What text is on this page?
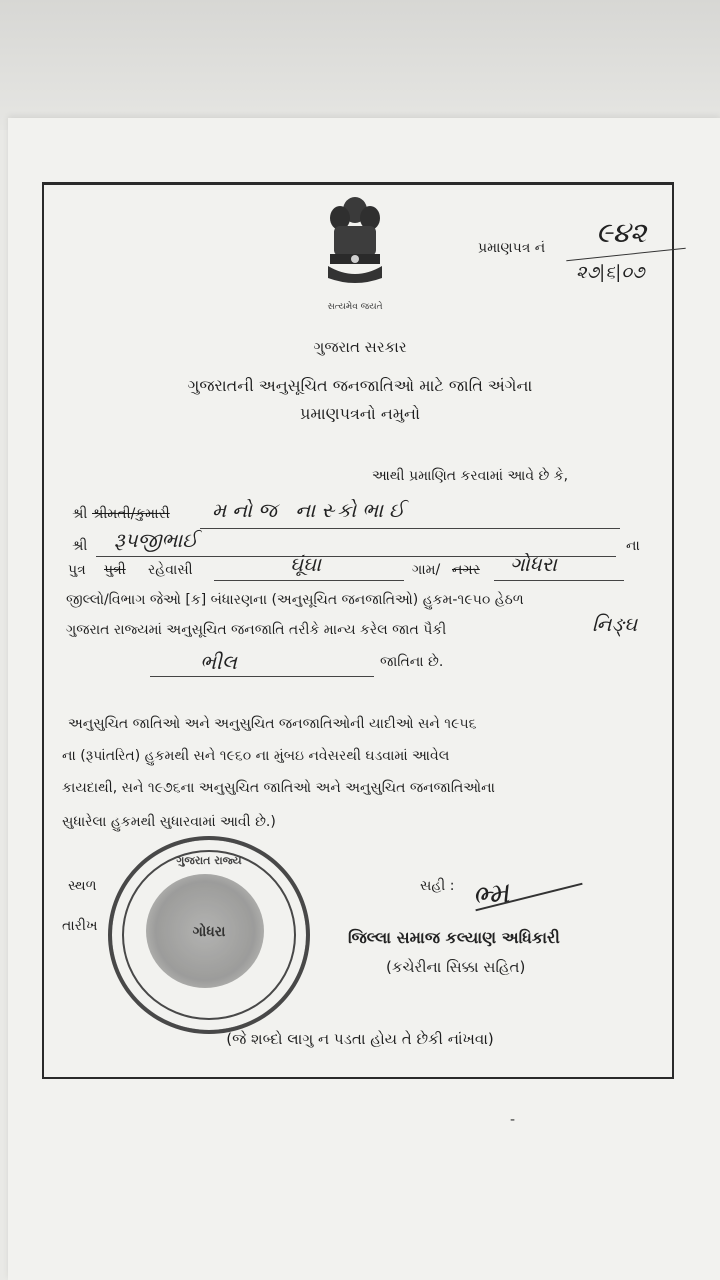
સત્યમેવ જયતે
પ્રમાણપત્ર નં ૯૪૨
૨૭|૬|૦૭
ગુજરાત સરકાર
ગુજરાતની અનુસૂચિત જનજાતિઓ માટે જાતિ અંગેના
પ્રમાણપત્રનો નમુનો
આથી પ્રમાણિત કરવામાં આવે છે કે,
શ્રી શ્રીમતી/કુમારી મનોજ નાસ્કોભાઈ
શ્રી રૂપજીભાઈ	ના
પુત્ર પુત્રી રહેવાસી	ઘૂંઘા	ગામ/ નગર ગોધરા
જીલ્લો/વિભાગ જેઓ [ક] બંધારણના (અનુસૂચિત જનજાતિઓ) હુકમ-૧૯૫૦ હેઠળ
ગુજરાત રાજ્યમાં અનુસૂચિત જનજાતિ તરીકે માન્ય કરેલ જાત પૈકી	નિઙ્ઘ
ભીલ	જાતિના છે.
અનુસુચિત જાતિઓ અને અનુસુચિત જનજાતિઓની યાદીઓ સને ૧૯૫૬
ના (રૂપાંતરિત) હુકમથી સને ૧૯૬૦ ના મુંબઇ નવેસરથી ઘડવામાં આવેલ
કાયદાથી, સને ૧૯૭૬ના અનુસુચિત જાતિઓ અને અનુસુચિત જનજાતિઓના
સુધારેલા હુકમથી સુધારવામાં આવી છે.)
ગુજરાત રાજ્ય
ગોધરા
સ્થળ
તારીખ
સહી : ભ્મ
જિલ્લા સમાજ કલ્યાણ અધિકારી
(કચેરીના સિક્કા સહિત)
(જે શબ્દો લાગુ ન પડતા હોય તે છેકી નાંખવા)
-
